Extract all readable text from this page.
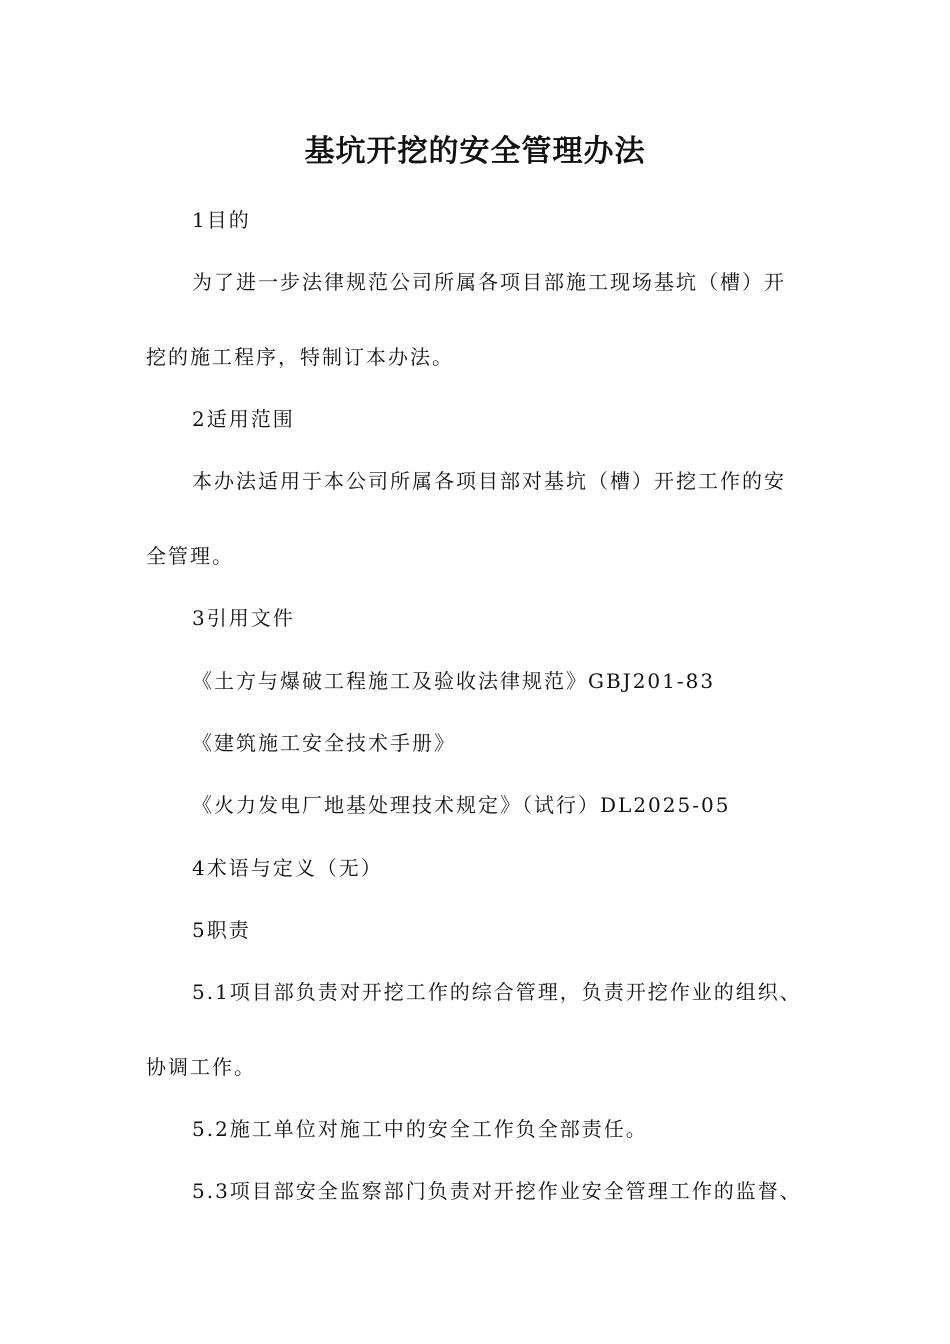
基坑开挖的安全管理办法
1目的
为了进一步法律规范公司所属各项目部施工现场基坑（槽）开
挖的施工程序，特制订本办法。
2适用范围
本办法适用于本公司所属各项目部对基坑（槽）开挖工作的安
全管理。
3引用文件
《土方与爆破工程施工及验收法律规范》GBJ201-83
《建筑施工安全技术手册》
《火力发电厂地基处理技术规定》（试行）DL2025-05
4术语与定义（无）
5职责
5.1项目部负责对开挖工作的综合管理，负责开挖作业的组织、
协调工作。
5.2施工单位对施工中的安全工作负全部责任。
5.3项目部安全监察部门负责对开挖作业安全管理工作的监督、
